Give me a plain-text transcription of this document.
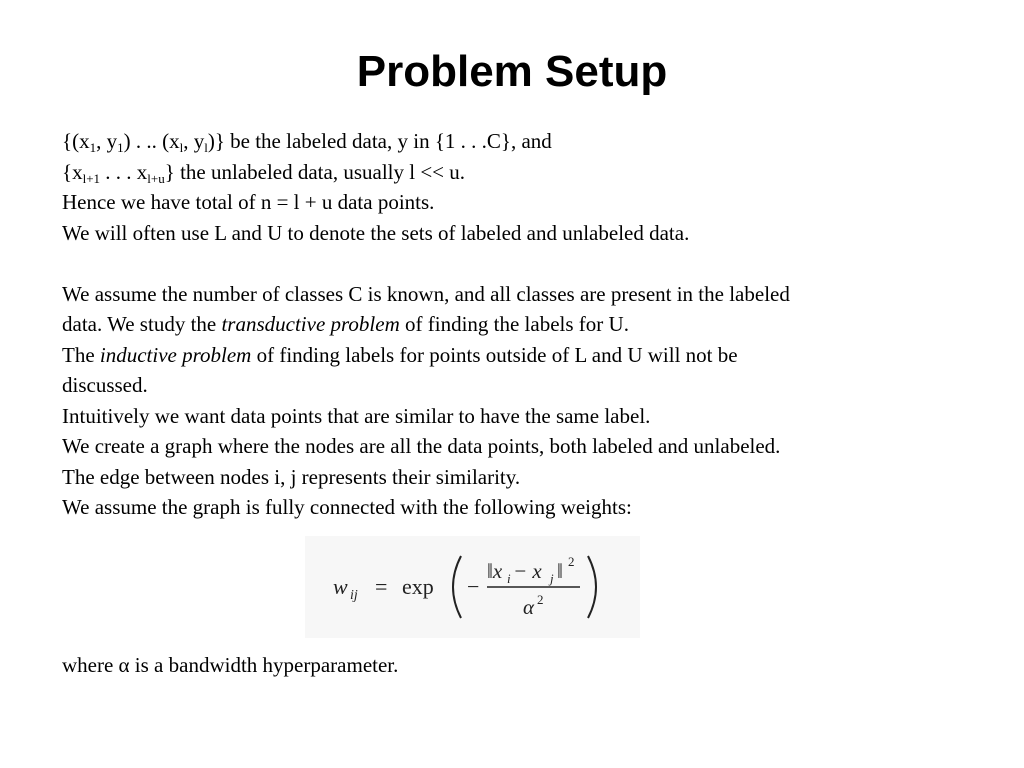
Problem Setup
{($x_1$, $y_1$) . .. ($x_l$, $y_l$)} be the labeled data, y in {1 . . .C}, and
{$x_{l+1}$ . . . $x_{l+u}$} the unlabeled data, usually l << u.
Hence we have total of n = l + u data points.
We will often use L and U to denote the sets of labeled and unlabeled data.
We assume the number of classes C is known, and all classes are present in the labeled
data. We study the transductive problem of finding the labels for U.
The inductive problem of finding labels for points outside of L and U will not be
discussed.
Intuitively we want data points that are similar to have the same label.
We create a graph where the nodes are all the data points, both labeled and unlabeled.
The edge between nodes i, j represents their similarity.
We assume the graph is fully connected with the following weights:
w ij = exp −
‖x i − x j ‖ 2
α 2
where α is a bandwidth hyperparameter.
